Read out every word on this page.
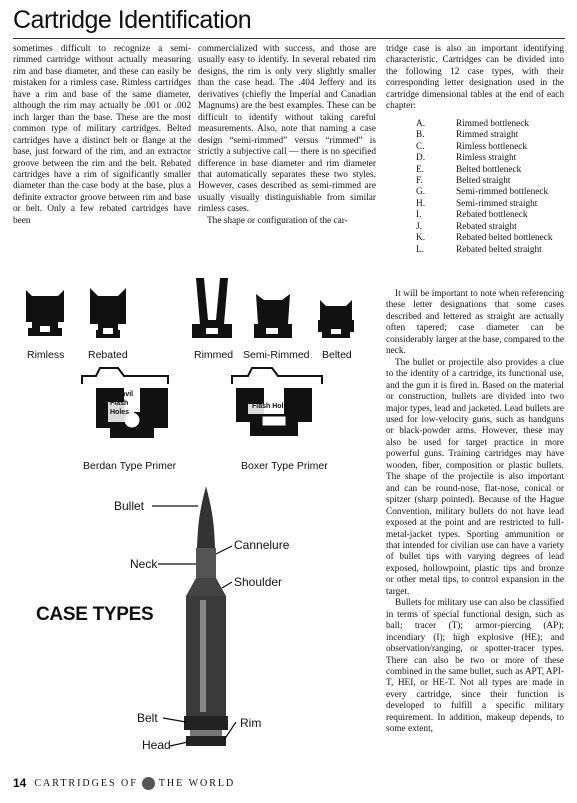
Cartridge Identification

sometimes difficult to recognize a semi-rimmed cartridge without actually measuring rim and base diameter, and these can easily be mistaken for a rimless case. Rimless cartridges have a rim and base of the same diameter, although the rim may actually be .001 or .002 inch larger than the base. These are the most common type of military cartridges. Belted cartridges have a distinct belt or flange at the base, just forward of the rim, and an extractor groove between the rim and the belt. Rebated cartridges have a rim of significantly smaller diameter than the case body at the base, plus a definite extractor groove between rim and base or belt. Only a few rebated cartridges have been

commercialized with success, and those are usually easy to identify. In several rebated rim designs, the rim is only very slightly smaller than the case head. The .404 Jeffery and its derivatives (chiefly the Imperial and Canadian Magnums) are the best examples. These can be difficult to identify without taking careful measurements. Also, note that naming a case design “semi-rimmed” versus “rimmed” is strictly a subjective call — there is no specified difference in base diameter and rim diameter that automatically separates these two styles. However, cases described as semi-rimmed are usually visually distinguishable from similar rimless cases.

The shape or configuration of the car-

tridge case is also an important identifying characteristic. Cartridges can be divided into the following 12 case types, with their corresponding letter designation used in the cartridge dimensional tables at the end of each chapter:

A.	Rimmed bottleneck
B.	Rimmed straight
C.	Rimless bottleneck
D.	Rimless straight
E.	Belted bottleneck
F.	Belted straight
G.	Semi-rimmed bottleneck
H.	Semi-rimmed straight
I.	Rebated bottleneck
J.	Rebated straight
K.	Rebated belted bottleneck
L.	Rebated belted straight

It will be important to note when referencing these letter designations that some cases described and lettered as straight are actually often tapered; case diameter can be considerably larger at the base, compared to the neck.

The bullet or projectile also provides a clue to the identity of a cartridge, its functional use, and the gun it is fired in. Based on the material or construction, bullets are divided into two major types, lead and jacketed. Lead bullets are used for low-velocity guns, such as handguns or black-powder arms. However, these may also be used for target practice in more powerful guns. Training cartridges may have wooden, fiber, composition or plastic bullets. The shape of the projectile is also important and can be round-nose, flat-nose, conical or spitzer (sharp pointed). Because of the Hague Convention, military bullets do not have lead exposed at the point and are restricted to full-metal-jacket types. Sporting ammunition or that intended for civilian use can have a variety of bullet tips with varying degrees of lead exposed, hollowpoint, plastic tips and bronze or other metal tips, to control expansion in the target.

Bullets for military use can also be classified in terms of special functional design, such as ball; tracer (T); armor-piercing (AP); incendiary (I); high explosive (HE); and observation/ranging, or spotter-tracer types. There can also be two or more of these combined in the same bullet, such as APT, API-T, HEI, or HE-T. Not all types are made in every cartridge, since their function is developed to fulfill a specific military requirement. In addition, makeup depends, to some extent,

Rimless Rebated	Rimmed Semi-Rimmed Belted
Anvil
Flash
Holes
Flash Hole
Berdan Type Primer	Boxer Type Primer
Bullet
Cannelure
Neck
Shoulder
CASE TYPES
Belt	Rim
Head
14 CARTRIDGES OF THE WORLD
